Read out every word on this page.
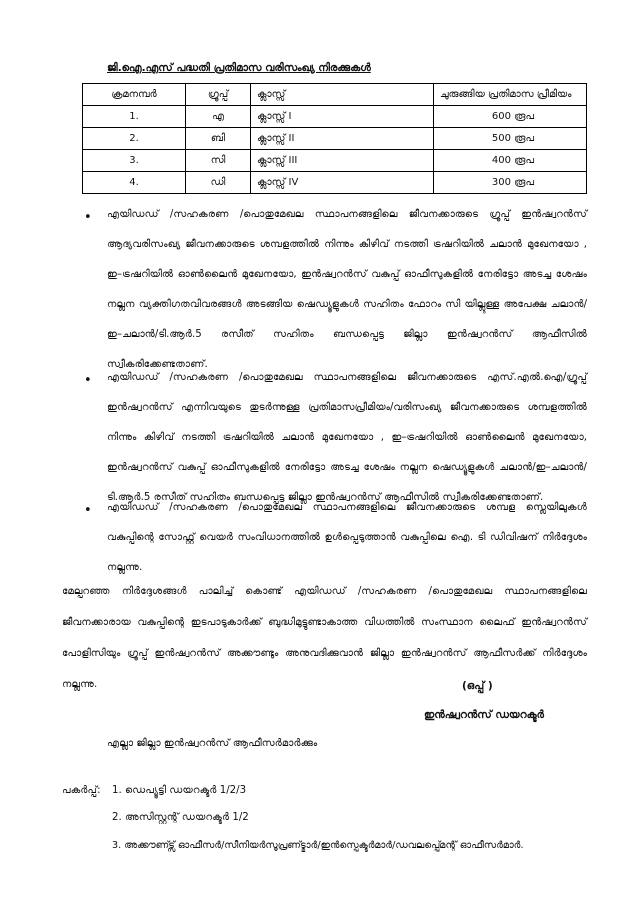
ജി.ഐ.എസ് പദ്ധതി പ്രതിമാസ വരിസംഖ്യ നിരക്കുകൾ
ക്രമനമ്പർ	ഗ്രൂപ്പ്	ക്ലാസ്സ്	ചുരുങ്ങിയ പ്രതിമാസ പ്രീമിയം
1.	എ	ക്ലാസ്സ് I	600 രൂപ
2.	ബി	ക്ലാസ്സ് II	500 രൂപ
3.	സി	ക്ലാസ്സ് III	400 രൂപ
4.	ഡി	ക്ലാസ്സ് IV	300 രൂപ
• എയിഡഡ് /സഹകരണ /പൊതുമേഖല സ്ഥാപനങ്ങളിലെ ജീവനക്കാരുടെ ഗ്രൂപ്പ് ഇൻഷ്വറൻസ് ആദ്യവരിസംഖ്യ ജീവനക്കാരുടെ ശമ്പളത്തിൽ നിന്നും കിഴിവ് നടത്തി ട്രഷറിയിൽ ചലാൻ മുഖേനയോ , ഇ–ട്രഷറിയിൽ ഓൺലൈൻ മുഖേനയോ, ഇൻഷ്വറൻസ് വകുപ്പ് ഓഫീസുകളിൽ നേരിട്ടോ അടച്ച ശേഷം നല്ലന വ്യക്തിഗതവിവരങ്ങൾ അടങ്ങിയ ഷെഡ്യൂളുകൾ സഹിതം ഫോറം സി യില്ലുള്ള അപേക്ഷ ചലാൻ/ ഇ–ചലാൻ/ടി.ആർ.5 രസീത് സഹിതം ബന്ധപ്പെട്ട ജില്ലാ ഇൻഷ്വറൻസ് ആഫീസിൽ സ്വീകരിക്കേണ്ടതാണ്.
• എയിഡഡ് /സഹകരണ /പൊതുമേഖല സ്ഥാപനങ്ങളിലെ ജീവനക്കാരുടെ എസ്.എൽ.ഐ/ഗ്രൂപ്പ് ഇൻഷ്വറൻസ് എന്നിവയുടെ തുടർന്നുള്ള പ്രതിമാസപ്രീമിയം/വരിസംഖ്യ ജീവനക്കാരുടെ ശമ്പളത്തിൽ നിന്നും കിഴിവ് നടത്തി ട്രഷറിയിൽ ചലാൻ മുഖേനയോ , ഇ–ട്രഷറിയിൽ ഓൺലൈൻ മുഖേനയോ, ഇൻഷ്വറൻസ് വകുപ്പ് ഓഫീസുകളിൽ നേരിട്ടോ അടച്ച ശേഷം നല്ലന ഷെഡ്യൂളുകൾ ചലാൻ/ഇ–ചലാൻ/ ടി.ആർ.5 രസീത് സഹിതം ബന്ധപ്പെട്ട ജില്ലാ ഇൻഷ്വറൻസ് ആഫീസിൽ സ്വീകരിക്കേണ്ടതാണ്.
• എയിഡഡ് /സഹകരണ /പൊതുമേഖല സ്ഥാപനങ്ങളിലെ ജീവനക്കാരുടെ ശമ്പള സ്ലെയിലുകൾ വകുപ്പിന്റെ സോഫ്റ്റ് വെയർ സംവിധാനത്തിൽ ഉൾപ്പെടുത്താൻ വകുപ്പിലെ ഐ. ടി ഡിവിഷന് നിർദ്ദേശം നല്ലന്നു.
മേല്പറഞ്ഞ നിർദ്ദേശങ്ങൾ പാലിച്ച് കൊണ്ട് എയിഡഡ് /സഹകരണ /പൊതുമേഖല സ്ഥാപനങ്ങളിലെ ജീവനക്കാരായ വകുപ്പിന്റെ ഇടപാടുകാർക്ക് ബുദ്ധിമുട്ടുണ്ടാകാത്ത വിധത്തിൽ സംസ്ഥാന ലൈഫ് ഇൻഷ്വറൻസ് പോളിസിയും ഗ്രൂപ്പ് ഇൻഷ്വറൻസ് അക്കൗണ്ടും അനുവദിക്കുവാൻ ജില്ലാ ഇൻഷ്വറൻസ് ആഫീസർക്ക് നിർദ്ദേശം നല്ലന്നു.	(ഒപ്പ് )
ഇൻഷ്വറൻസ് ഡയറക്ടർ
എല്ലാ ജില്ലാ ഇൻഷ്വറൻസ് ആഫീസർമാർക്കും
പകർപ്പ്: 1. ഡെപ്യൂട്ടി ഡയറക്ടർ 1/2/3
2. അസിസ്റ്റന്റ് ഡയറക്ടർ 1/2
3. അക്കൗണ്ട്സ് ഓഫീസർ/സീനിയർസൂപ്രണ്ട്മാർ/ഇൻസ്പെക്ടർമാർ/ഡവലപ്പ്മെന്റ് ഓഫീസർമാർ.
